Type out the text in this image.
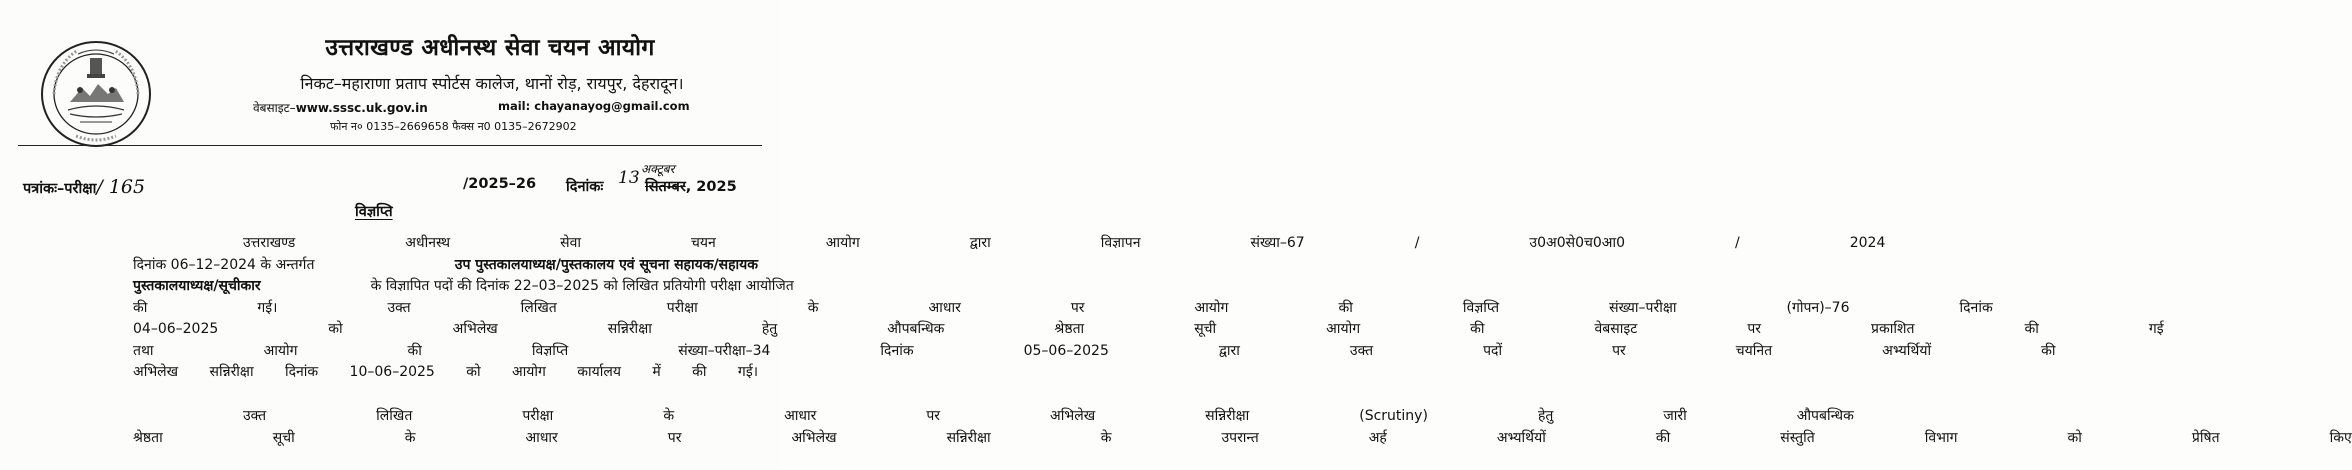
उत्तराखण्ड अधीनस्थ सेवा चयन आयोग
निकट–महाराणा प्रताप स्पोर्टस कालेज, थानों रोड़, रायपुर, देहरादून।
वेबसाइट–www.sssc.uk.gov.in	mail: chayanayog@gmail.com
फोन न० 0135–2669658 फैक्स न0 0135–2672902
पत्रांकः–परीक्षा/ 165	/2025–26 दिनांकः 13 अक्टूबर
सितम्बर, 2025
विज्ञप्ति
उत्तराखण्ड	अधीनस्थ	सेवा	चयन	आयोग	द्वारा	विज्ञापन	संख्या–67	/	उ0अ0से0च0आ0	/	2024
दिनांक 06–12–2024 के अन्तर्गत	उप पुस्तकालयाध्यक्ष/पुस्तकालय एवं सूचना सहायक/सहायक
पुस्तकालयाध्यक्ष/सूचीकार	के विज्ञापित पदों की दिनांक 22–03–2025 को लिखित प्रतियोगी परीक्षा आयोजित
की	गई।	उक्त	लिखित	परीक्षा	के	आधार	पर	आयोग	की	विज्ञप्ति	संख्या–परीक्षा	(गोपन)–76	दिनांक
04–06–2025	को	अभिलेख	सन्निरीक्षा	हेतु	औपबन्धिक	श्रेष्ठता	सूची	आयोग	की	वेबसाइट	पर	प्रकाशित	की	गई
तथा	आयोग	की	विज्ञप्ति	संख्या–परीक्षा–34	दिनांक	05–06–2025	द्वारा	उक्त	पदों	पर	चयनित	अभ्यर्थियों	की
अभिलेख सन्निरीक्षा दिनांक 10–06–2025 को आयोग कार्यालय में की गई।
उक्त	लिखित	परीक्षा	के	आधार	पर	अभिलेख	सन्निरीक्षा	(Scrutiny)	हेतु	जारी	औपबन्धिक
श्रेष्ठता	सूची	के	आधार	पर	अभिलेख	सन्निरीक्षा	के	उपरान्त	अर्ह	अभ्यर्थियों	की	संस्तुति	विभाग	को	प्रेषित	किए
